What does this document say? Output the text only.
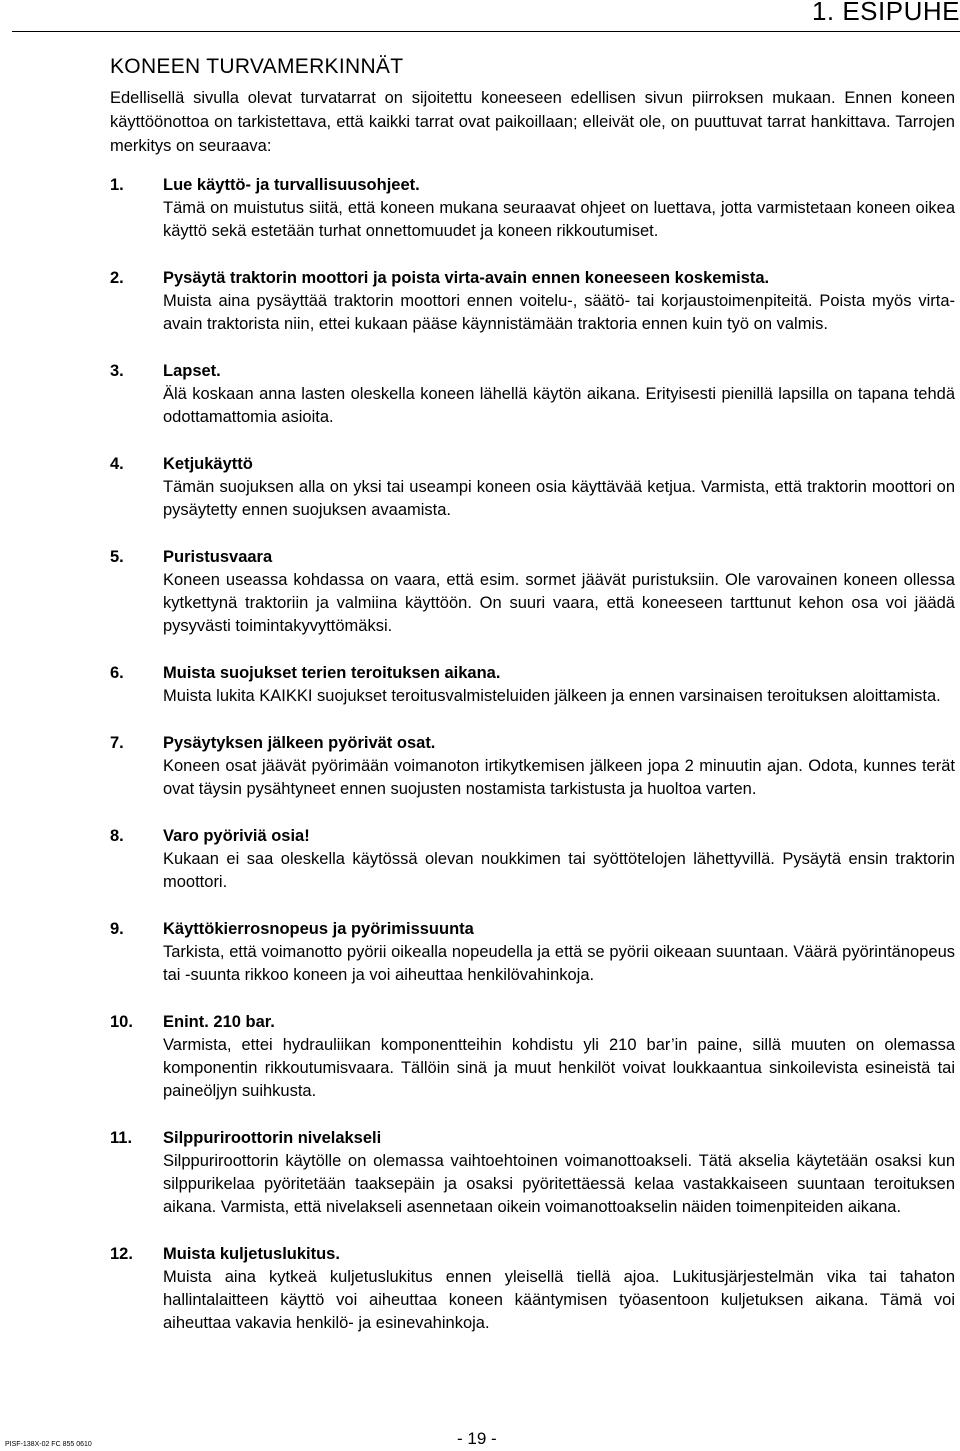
1. ESIPUHE
KONEEN TURVAMERKINNÄT
Edellisellä sivulla olevat turvatarrat on sijoitettu koneeseen edellisen sivun piirroksen mukaan. Ennen koneen käyttöönottoa on tarkistettava, että kaikki tarrat ovat paikoillaan; elleivät ole, on puuttuvat tarrat hankittava. Tarrojen merkitys on seuraava:
1.	Lue käyttö- ja turvallisuusohjeet.
Tämä on muistutus siitä, että koneen mukana seuraavat ohjeet on luettava, jotta varmistetaan koneen oikea käyttö sekä estetään turhat onnettomuudet ja koneen rikkoutumiset.
2.	Pysäytä traktorin moottori ja poista virta-avain ennen koneeseen koskemista.
Muista aina pysäyttää traktorin moottori ennen voitelu-, säätö- tai korjaustoimenpiteitä. Poista myös virta-avain traktorista niin, ettei kukaan pääse käynnistämään traktoria ennen kuin työ on valmis.
3.	Lapset.
Älä koskaan anna lasten oleskella koneen lähellä käytön aikana. Erityisesti pienillä lapsilla on tapana tehdä odottamattomia asioita.
4.	Ketjukäyttö
Tämän suojuksen alla on yksi tai useampi koneen osia käyttävää ketjua. Varmista, että traktorin moottori on pysäytetty ennen suojuksen avaamista.
5.	Puristusvaara
Koneen useassa kohdassa on vaara, että esim. sormet jäävät puristuksiin. Ole varovainen koneen ollessa kytkettynä traktoriin ja valmiina käyttöön. On suuri vaara, että koneeseen tarttunut kehon osa voi jäädä pysyvästi toimintakyvyttömäksi.
6.	Muista suojukset terien teroituksen aikana.
Muista lukita KAIKKI suojukset teroitusvalmisteluiden jälkeen ja ennen varsinaisen teroituksen aloittamista.
7.	Pysäytyksen jälkeen pyörivät osat.
Koneen osat jäävät pyörimään voimanoton irtikytkemisen jälkeen jopa 2 minuutin ajan. Odota, kunnes terät ovat täysin pysähtyneet ennen suojusten nostamista tarkistusta ja huoltoa varten.
8.	Varo pyöriviä osia!
Kukaan ei saa oleskella käytössä olevan noukkimen tai syöttötelojen lähettyvillä. Pysäytä ensin traktorin moottori.
9.	Käyttökierrosnopeus ja pyörimissuunta
Tarkista, että voimanotto pyörii oikealla nopeudella ja että se pyörii oikeaan suuntaan. Väärä pyörintänopeus tai -suunta rikkoo koneen ja voi aiheuttaa henkilövahinkoja.
10.	Enint. 210 bar.
Varmista, ettei hydrauliikan komponentteihin kohdistu yli 210 bar’in paine, sillä muuten on olemassa komponentin rikkoutumisvaara. Tällöin sinä ja muut henkilöt voivat loukkaantua sinkoilevista esineistä tai paineöljyn suihkusta.
11.	Silppuriroottorin nivelakseli
Silppuriroottorin käytölle on olemassa vaihtoehtoinen voimanottoakseli. Tätä akselia käytetään osaksi kun silppurikelaa pyöritetään taaksepäin ja osaksi pyöritettäessä kelaa vastakkaiseen suuntaan teroituksen aikana. Varmista, että nivelakseli asennetaan oikein voimanottoakselin näiden toimenpiteiden aikana.
12.	Muista kuljetuslukitus.
Muista aina kytkeä kuljetuslukitus ennen yleisellä tiellä ajoa. Lukitusjärjestelmän vika tai tahaton hallintalaitteen käyttö voi aiheuttaa koneen kääntymisen työasentoon kuljetuksen aikana. Tämä voi aiheuttaa vakavia henkilö- ja esinevahinkoja.
PISF-138X-02 FC 855 0610	- 19 -
